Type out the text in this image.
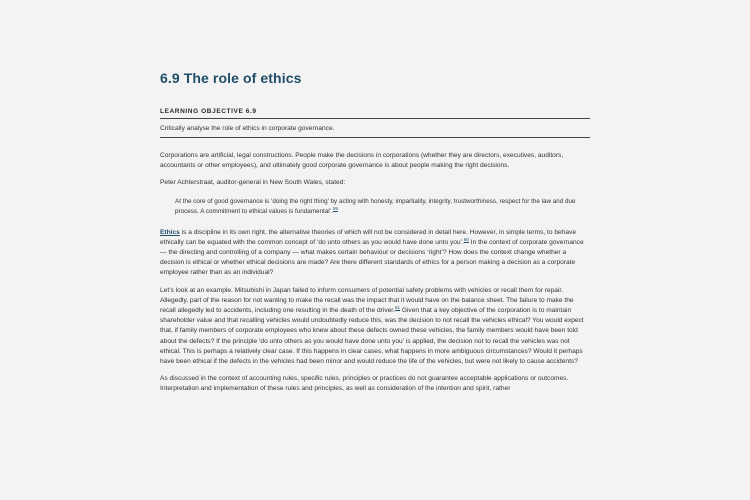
6.9 The role of ethics
LEARNING OBJECTIVE 6.9
Critically analyse the role of ethics in corporate governance.

Corporations are artificial, legal constructions. People make the decisions in corporations (whether they are directors, executives, auditors, accountants or other employees), and ultimately good corporate governance is about people making the right decisions.

Peter Achterstraat, auditor-general in New South Wales, stated:

At the core of good governance is ‘doing the right thing’ by acting with honesty, impartiality, integrity, trustworthiness, respect for the law and due process. A commitment to ethical values is fundamental’.$^{59}$

Ethics is a discipline in its own right, the alternative theories of which will not be considered in detail here. However, in simple terms, to behave ethically can be equated with the common concept of ‘do unto others as you would have done unto you’.$^{60}$ In the context of corporate governance — the directing and controlling of a company — what makes certain behaviour or decisions ‘right’? How does the context change whether a decision is ethical or whether ethical decisions are made? Are there different standards of ethics for a person making a decision as a corporate employee rather than as an individual?

Let’s look at an example. Mitsubishi in Japan failed to inform consumers of potential safety problems with vehicles or recall them for repair. Allegedly, part of the reason for not wanting to make the recall was the impact that it would have on the balance sheet. The failure to make the recall allegedly led to accidents, including one resulting in the death of the driver.$^{61}$ Given that a key objective of the corporation is to maintain shareholder value and that recalling vehicles would undoubtedly reduce this, was the decision to not recall the vehicles ethical? You would expect that, if family members of corporate employees who knew about these defects owned these vehicles, the family members would have been told about the defects? If the principle ‘do unto others as you would have done unto you’ is applied, the decision not to recall the vehicles was not ethical. This is perhaps a relatively clear case. If this happens in clear cases, what happens in more ambiguous circumstances? Would it perhaps have been ethical if the defects in the vehicles had been minor and would reduce the life of the vehicles, but were not likely to cause accidents?

As discussed in the context of accounting rules, specific rules, principles or practices do not guarantee acceptable applications or outcomes. Interpretation and implementation of these rules and principles, as well as consideration of the intention and spirit, rather
